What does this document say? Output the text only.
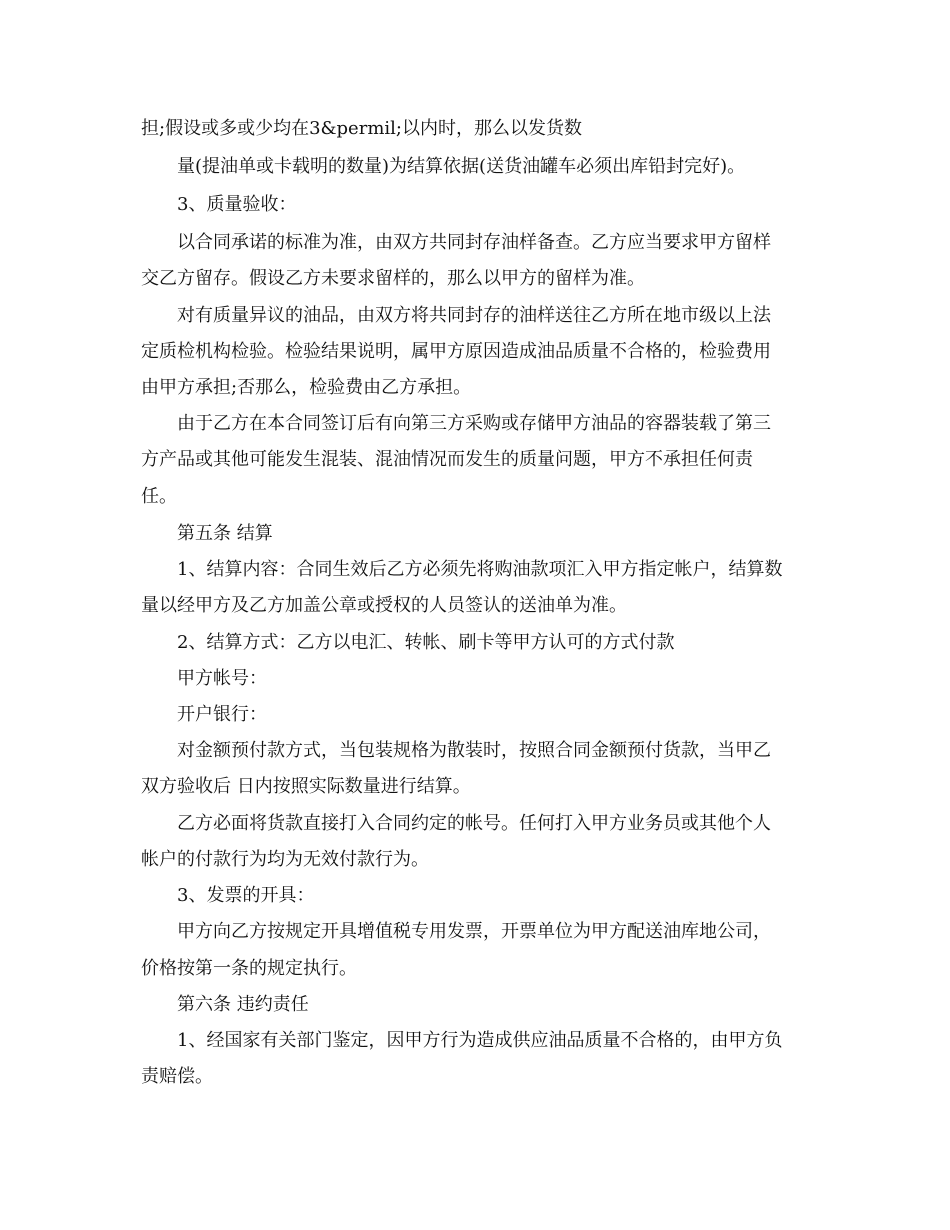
担;假设或多或少均在3&permil;以内时，那么以发货数
量(提油单或卡载明的数量)为结算依据(送货油罐车必须出库铅封完好)。
3、质量验收：
以合同承诺的标准为准，由双方共同封存油样备查。乙方应当要求甲方留样
交乙方留存。假设乙方未要求留样的，那么以甲方的留样为准。
对有质量异议的油品，由双方将共同封存的油样送往乙方所在地市级以上法
定质检机构检验。检验结果说明，属甲方原因造成油品质量不合格的，检验费用
由甲方承担;否那么，检验费由乙方承担。
由于乙方在本合同签订后有向第三方采购或存储甲方油品的容器装载了第三
方产品或其他可能发生混装、混油情况而发生的质量问题，甲方不承担任何责
任。
第五条 结算
1、结算内容：合同生效后乙方必须先将购油款项汇入甲方指定帐户，结算数
量以经甲方及乙方加盖公章或授权的人员签认的送油单为准。
2、结算方式：乙方以电汇、转帐、刷卡等甲方认可的方式付款
甲方帐号：
开户银行：
对金额预付款方式，当包装规格为散装时，按照合同金额预付货款，当甲乙
双方验收后 日内按照实际数量进行结算。
乙方必面将货款直接打入合同约定的帐号。任何打入甲方业务员或其他个人
帐户的付款行为均为无效付款行为。
3、发票的开具：
甲方向乙方按规定开具增值税专用发票，开票单位为甲方配送油库地公司，
价格按第一条的规定执行。
第六条 违约责任
1、经国家有关部门鉴定，因甲方行为造成供应油品质量不合格的，由甲方负
责赔偿。
